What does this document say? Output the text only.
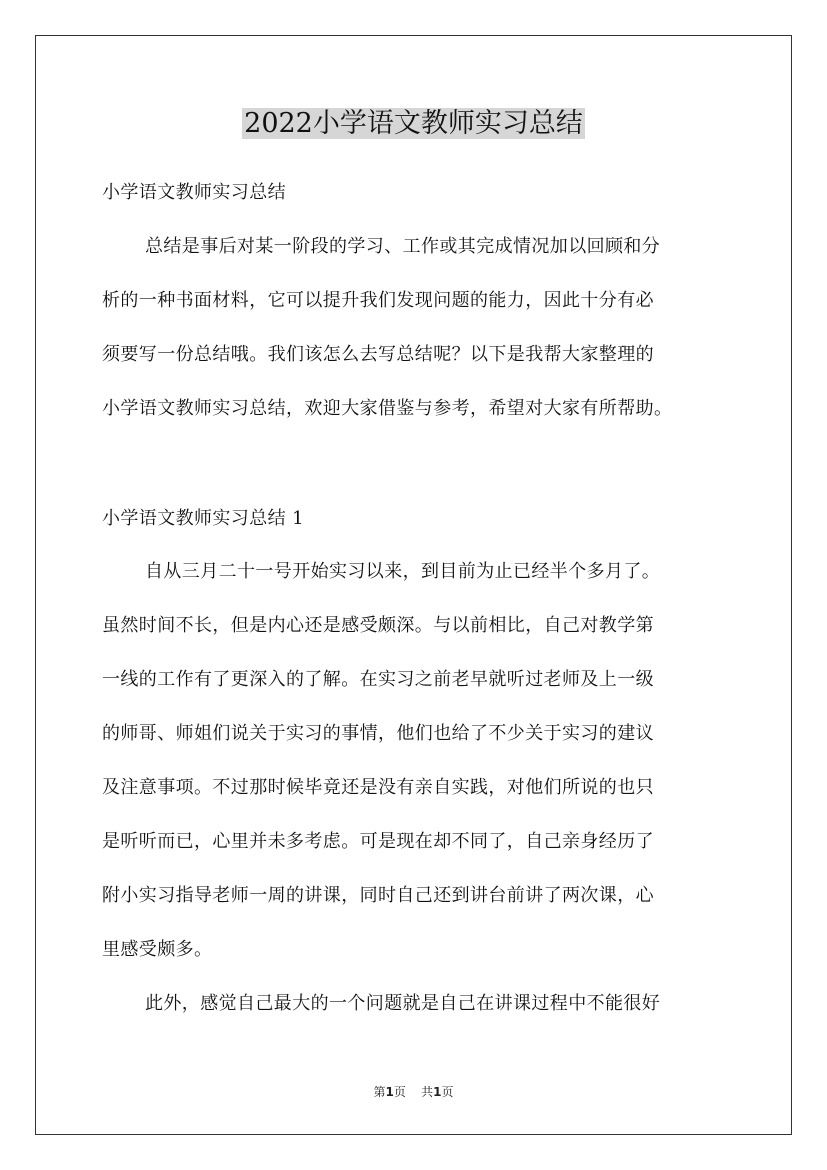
2022小学语文教师实习总结
小学语文教师实习总结
总结是事后对某一阶段的学习、工作或其完成情况加以回顾和分
析的一种书面材料，它可以提升我们发现问题的能力，因此十分有必
须要写一份总结哦。我们该怎么去写总结呢？以下是我帮大家整理的
小学语文教师实习总结，欢迎大家借鉴与参考，希望对大家有所帮助。
小学语文教师实习总结 1
自从三月二十一号开始实习以来，到目前为止已经半个多月了。
虽然时间不长，但是内心还是感受颇深。与以前相比，自己对教学第
一线的工作有了更深入的了解。在实习之前老早就听过老师及上一级
的师哥、师姐们说关于实习的事情，他们也给了不少关于实习的建议
及注意事项。不过那时候毕竟还是没有亲自实践，对他们所说的也只
是听听而已，心里并未多考虑。可是现在却不同了，自己亲身经历了
附小实习指导老师一周的讲课，同时自己还到讲台前讲了两次课，心
里感受颇多。
此外，感觉自己最大的一个问题就是自己在讲课过程中不能很好
第1页    共1页
